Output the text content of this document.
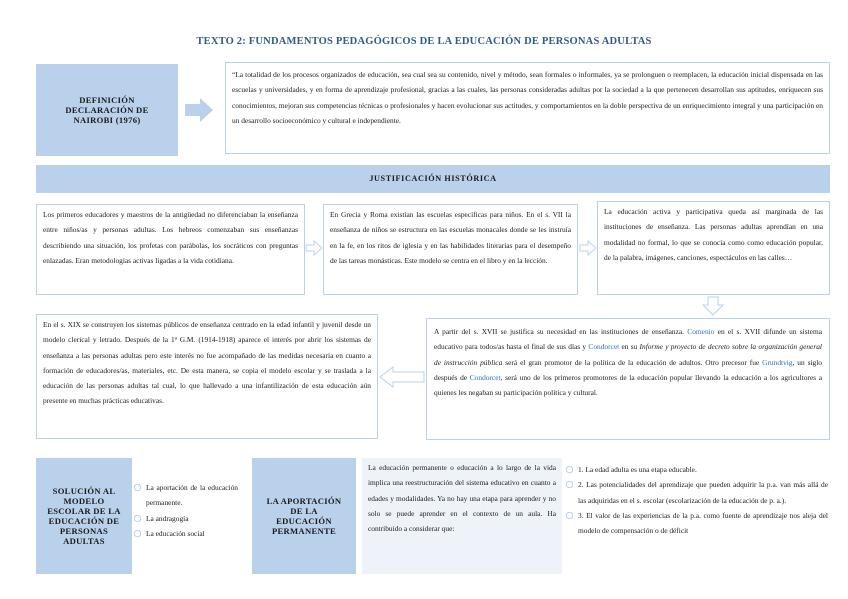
TEXTO 2: FUNDAMENTOS PEDAGÓGICOS DE LA EDUCACIÓN DE PERSONAS ADULTAS
DEFINICIÓN DECLARACIÓN DE NAIROBI (1976)
“La totalidad de los procesos organizados de educación, sea cual sea su contenido, nivel y método, sean formales o informales, ya se prolonguen o reemplacen, la educación inicial dispensada en las escuelas y universidades, y en forma de aprendizaje profesional, gracias a las cuales, las personas consideradas adultas por la sociedad a la que pertenecen desarrollan sus aptitudes, enriquecen sus conocimientos, mejoran sus competencias técnicas o profesionales y hacen evolucionar sus actitudes, y comportamientos en la doble perspectiva de un enriquecimiento integral y una participación en un desarrollo socioeconómico y cultural e independiente.
JUSTIFICACIÓN HISTÓRICA
Los primeros educadores y maestros de la antigüedad no diferenciaban la enseñanza entre niños/as y personas adultas. Los hebreos comenzaban sus enseñanzas describiendo una situación, los profetas con parábolas, los socráticos con preguntas enlazadas. Eran metodologías activas ligadas a la vida cotidiana.
En Grecia y Roma existían las escuelas específicas para niños. En el s. VII la enseñanza de niños se estructura en las escuelas monacales donde se les instruía en la fe, en los ritos de iglesia y en las habilidades literarias para el desempeño de las tareas monásticas. Este modelo se centra en el libro y en la lección.
La educación activa y participativa queda así marginada de las instituciones de enseñanza. Las personas adultas aprendían en una modalidad no formal, lo que se conocía como como educación popular, de la palabra, imágenes, canciones, espectáculos en las calles…
En el s. XIX se construyen los sistemas públicos de enseñanza centrado en la edad infantil y juvenil desde un modelo clerical y letrado. Después de la 1ª G.M. (1914-1918) aparece el interés por abrir los sistemas de enseñanza a las personas adultas pero este interés no fue acompañado de las medidas necesaria en cuanto a formación de educadores/as, materiales, etc. De esta manera, se copia el modelo escolar y se traslada a la educación de las personas adultas tal cual, lo que hallevado a una infantilización de esta educación aún presente en muchas prácticas educativas.
A partir del s. XVII se justifica su necesidad en las instituciones de enseñanza. Comenio en el s. XVII difunde un sistema educativo para todos/as hasta el final de sus días y Condorcet en su Informe y proyecto de decreto sobre la organización general de instrucción pública será el gran promotor de la política de la educación de adultos. Otro precesor fue Grundtvig, un siglo después de Condorcet, será uno de los primeros promotores de la educación popular llevando la educación a los agricultores a quienes les negaban su participación política y cultural.
SOLUCIÓN AL MODELO ESCOLAR DE LA EDUCACIÓN DE PERSONAS ADULTAS
La aportación de la educación permanente.
La andragogía
La educación social
LA APORTACIÓN DE LA EDUCACIÓN PERMANENTE
La educación permanente o educación a lo largo de la vida implica una reestructuración del sistema educativo en cuanto a edades y modalidades. Ya no hay una etapa para aprender y no solo se puede aprender en el contexto de un aula. Ha contribuido a considerar que:
1. La edad adulta es una etapa educable.
2. Las potencialidades del aprendizaje que pueden adquirir la p.a. van más allá de las adquiridas en el s. escolar (escolarización de la educación de p. a.).
3. El valor de las experiencias de la p.a. como fuente de aprendizaje nos aleja del modelo de compensación o de déficit
